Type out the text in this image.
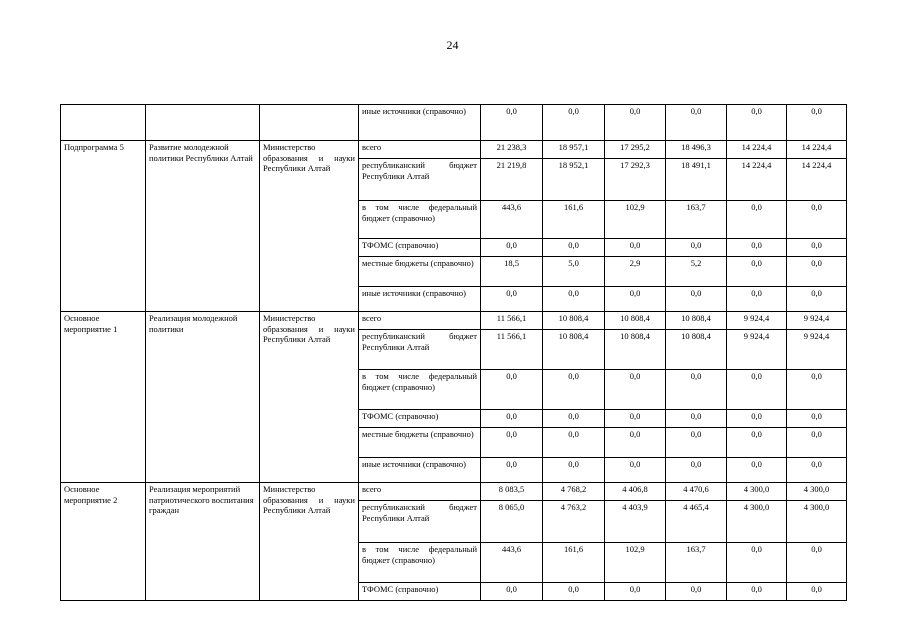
24
			иные источники (справочно)	0,0	0,0	0,0	0,0	0,0	0,0
Подпрограмма 5	Развитие молодежной политики Республики Алтай	Министерство образования и науки Республики Алтай	всего	21 238,3	18 957,1	17 295,2	18 496,3	14 224,4	14 224,4
			республиканский бюджет Республики Алтай	21 219,8	18 952,1	17 292,3	18 491,1	14 224,4	14 224,4
			в том числе федеральный бюджет (справочно)	443,6	161,6	102,9	163,7	0,0	0,0
			ТФОМС (справочно)	0,0	0,0	0,0	0,0	0,0	0,0
			местные бюджеты (справочно)	18,5	5,0	2,9	5,2	0,0	0,0
			иные источники (справочно)	0,0	0,0	0,0	0,0	0,0	0,0
Основное мероприятие 1	Реализация молодежной политики	Министерство образования и науки Республики Алтай	всего	11 566,1	10 808,4	10 808,4	10 808,4	9 924,4	9 924,4
			республиканский бюджет Республики Алтай	11 566,1	10 808,4	10 808,4	10 808,4	9 924,4	9 924,4
			в том числе федеральный бюджет (справочно)	0,0	0,0	0,0	0,0	0,0	0,0
			ТФОМС (справочно)	0,0	0,0	0,0	0,0	0,0	0,0
			местные бюджеты (справочно)	0,0	0,0	0,0	0,0	0,0	0,0
			иные источники (справочно)	0,0	0,0	0,0	0,0	0,0	0,0
Основное мероприятие 2	Реализация мероприятий патриотического воспитания граждан	Министерство образования и науки Республики Алтай	всего	8 083,5	4 768,2	4 406,8	4 470,6	4 300,0	4 300,0
			республиканский бюджет Республики Алтай	8 065,0	4 763,2	4 403,9	4 465,4	4 300,0	4 300,0
			в том числе федеральный бюджет (справочно)	443,6	161,6	102,9	163,7	0,0	0,0
			ТФОМС (справочно)	0,0	0,0	0,0	0,0	0,0	0,0
